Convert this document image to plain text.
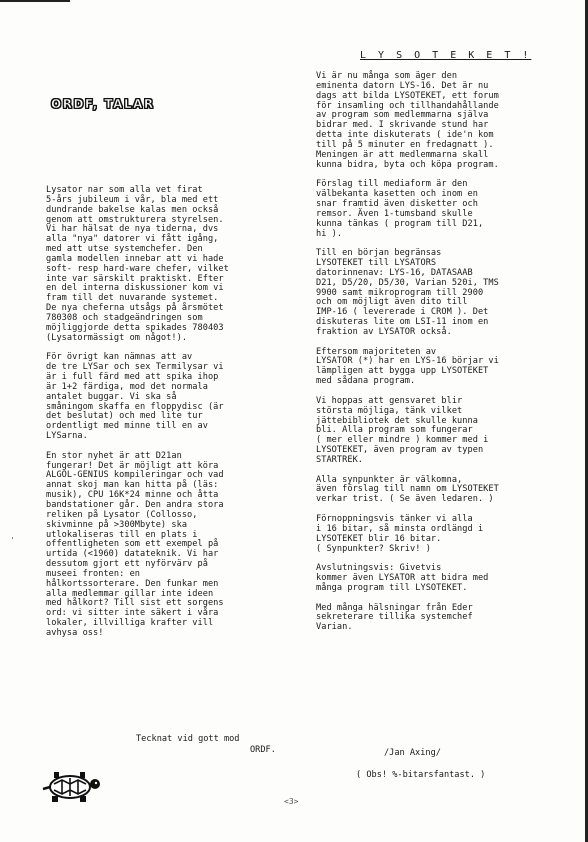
L Y S O T E K E T !
ORDF, TALAR

Lysator nar som alla vet firat

5-års jubileum i vår, bla med ett

dundrande bakelse kalas men också

genom att omstrukturera styrelsen.

Vi har hälsat de nya tiderna, dvs

alla "nya" datorer vi fått igång,

med att utse systemchefer. Den

gamla modellen innebar att vi hade

soft- resp hard-ware chefer, vilket

inte var särskilt praktiskt. Efter

en del interna diskussioner kom vi

fram till det nuvarande systemet.

De nya cheferna utsågs på årsmötet

780308 och stadgeändringen som

möjliggjorde detta spikades 780403

(Lysatormässigt om något!).

För övrigt kan nämnas att av

de tre LYSar och sex Termilysar vi

är i full färd med att spika ihop

är 1+2 färdiga, mod det normala

antalet buggar. Vi ska så

småningom skaffa en floppydisc (är

det beslutat) och med lite tur

ordentligt med minne till en av

LYSarna.

En stor nyhet är att D21an

fungerar! Det är möjligt att köra

ALGOL-GENIUS kompileringar och vad

annat skoj man kan hitta på (läs:

musik), CPU 16K*24 minne och åtta

bandstationer går. Den andra stora

reliken på Lysator (Collosso,

skivminne på >300Mbyte) ska

utlokaliseras till en plats i

offentligheten som ett exempel på

urtida (<1960) datateknik. Vi har

dessutom gjort ett nyförvärv på

museei fronten: en

hålkortssorterare. Den funkar men

alla medlemmar gillar inte ideen

med hålkort? Till sist ett sorgens

ord: vi sitter inte säkert i våra

lokaler, illvilliga krafter vill

avhysa oss!

Vi är nu många som äger den

eminenta datorn LYS-16. Det är nu

dags att bilda LYSOTEKET, ett forum

för insamling och tillhandahållande

av program som medlemmarna själva

bidrar med. I skrivande stund har

detta inte diskuterats ( ide'n kom

till på 5 minuter en fredagnatt ).

Meningen är att medlemmarna skall

kunna bidra, byta och köpa program.

Förslag till mediaform är den

välbekanta kasetten och inom en

snar framtid även disketter och

remsor. Även 1-tumsband skulle

kunna tänkas ( program till D21,

hi ).

Till en början begränsas

LYSOTEKET till LYSATORS

datorinnenav: LYS-16, DATASAAB

D21, D5/20, D5/30, Varian 520i, TMS

9900 samt mikroprogram till 2900

och om möjligt även dito till

IMP-16 ( levererade i CROM ). Det

diskuteras lite om LSI-11 inom en

fraktion av LYSATOR också.

Eftersom majoriteten av

LYSATOR (*) har en LYS-16 börjar vi

lämpligen att bygga upp LYSOTEKET

med sådana program.

Vi hoppas att gensvaret blir

största möjliga, tänk vilket

jättebibliotek det skulle kunna

bli. Alla program som fungerar

( mer eller mindre ) kommer med i

LYSOTEKET, även program av typen

STARTREK.

Alla synpunkter är välkomna,

även förslag till namn om LYSOTEKET

verkar trist. ( Se även ledaren. )

Förnoppningsvis tänker vi alla

i 16 bitar, så minsta ordlängd i

LYSOTEKET blir 16 bitar.

( Synpunkter? Skriv! )

Avslutningsvis: Givetvis

kommer även LYSATOR att bidra med

många program till LYSOTEKET.

Med många hälsningar från Eder

sekreterare tillika systemchef

Varian.

Tecknat vid gott mod
ORDF.	/Jan Axing/
( Obs! %-bitarsfantast. )
'
<3>
